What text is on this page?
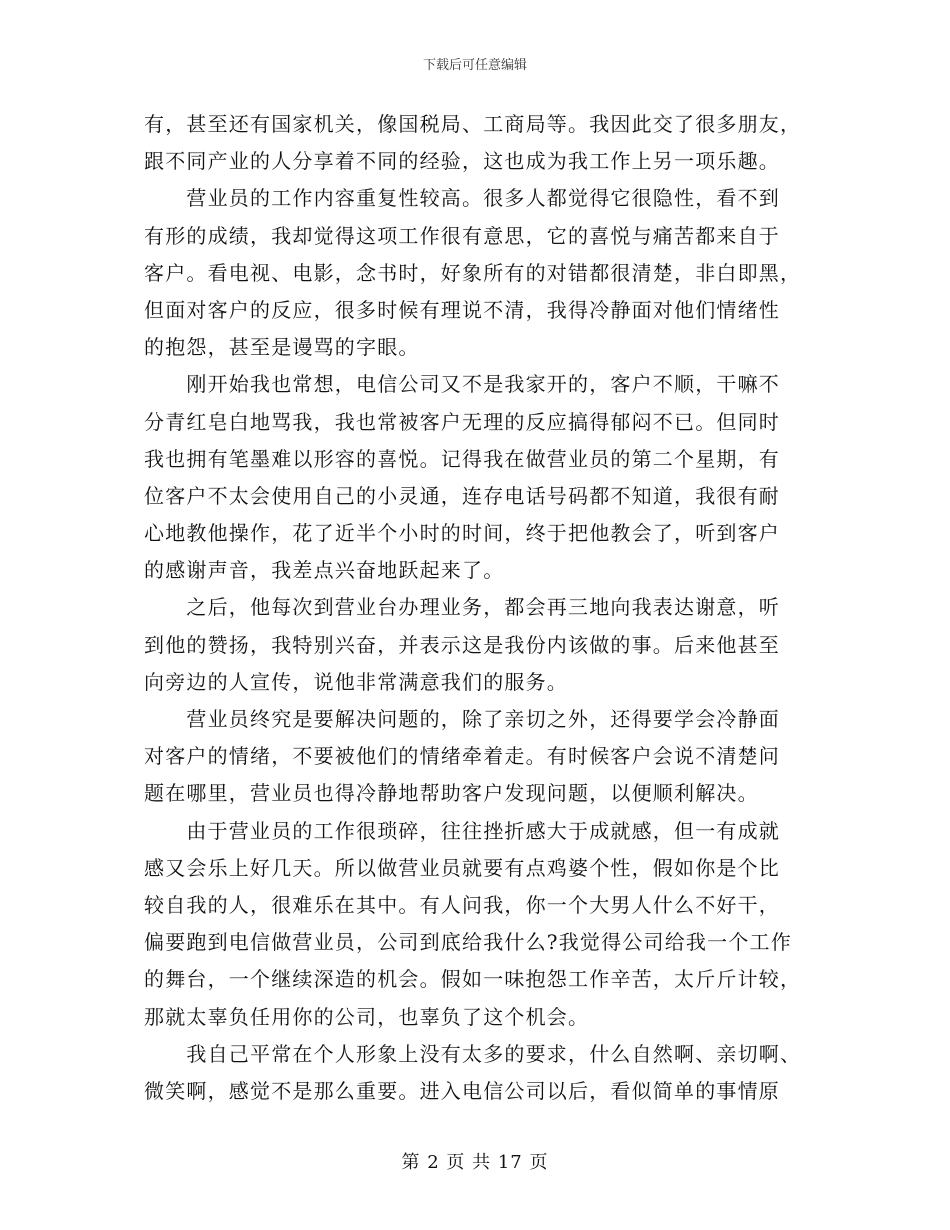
下载后可任意编辑
有，甚至还有国家机关，像国税局、工商局等。我因此交了很多朋友，
跟不同产业的人分享着不同的经验，这也成为我工作上另一项乐趣。
　　营业员的工作内容重复性较高。很多人都觉得它很隐性，看不到
有形的成绩，我却觉得这项工作很有意思，它的喜悦与痛苦都来自于
客户。看电视、电影，念书时，好象所有的对错都很清楚，非白即黑，
但面对客户的反应，很多时候有理说不清，我得冷静面对他们情绪性
的抱怨，甚至是谩骂的字眼。
　　刚开始我也常想，电信公司又不是我家开的，客户不顺，干嘛不
分青红皂白地骂我，我也常被客户无理的反应搞得郁闷不已。但同时
我也拥有笔墨难以形容的喜悦。记得我在做营业员的第二个星期，有
位客户不太会使用自己的小灵通，连存电话号码都不知道，我很有耐
心地教他操作，花了近半个小时的时间，终于把他教会了，听到客户
的感谢声音，我差点兴奋地跃起来了。
　　之后，他每次到营业台办理业务，都会再三地向我表达谢意，听
到他的赞扬，我特别兴奋，并表示这是我份内该做的事。后来他甚至
向旁边的人宣传，说他非常满意我们的服务。
　　营业员终究是要解决问题的，除了亲切之外，还得要学会冷静面
对客户的情绪，不要被他们的情绪牵着走。有时候客户会说不清楚问
题在哪里，营业员也得冷静地帮助客户发现问题，以便顺利解决。
　　由于营业员的工作很琐碎，往往挫折感大于成就感，但一有成就
感又会乐上好几天。所以做营业员就要有点鸡婆个性，假如你是个比
较自我的人，很难乐在其中。有人问我，你一个大男人什么不好干，
偏要跑到电信做营业员，公司到底给我什么?我觉得公司给我一个工作
的舞台，一个继续深造的机会。假如一味抱怨工作辛苦，太斤斤计较，
那就太辜负任用你的公司，也辜负了这个机会。
　　我自己平常在个人形象上没有太多的要求，什么自然啊、亲切啊、
微笑啊，感觉不是那么重要。进入电信公司以后，看似简单的事情原
第 2 页 共 17 页
